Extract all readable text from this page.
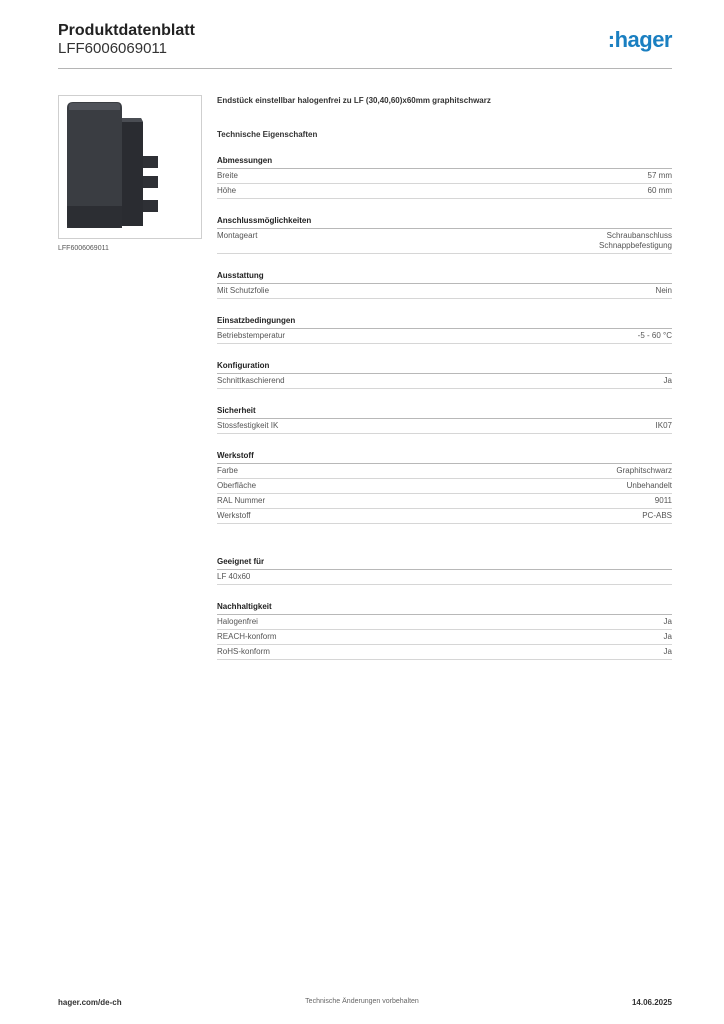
Produktdatenblatt
LFF6006069011	:hager
LFF6006069011
Endstück einstellbar halogenfrei zu LF (30,40,60)x60mm graphitschwarz
Technische Eigenschaften
Abmessungen
Breite	57 mm
Höhe	60 mm
Anschlussmöglichkeiten
Montageart	Schraubanschluss
Schnappbefestigung
Ausstattung
Mit Schutzfolie	Nein
Einsatzbedingungen
Betriebstemperatur	-5 - 60 °C
Konfiguration
Schnittkaschierend	Ja
Sicherheit
Stossfestigkeit IK	IK07
Werkstoff
Farbe	Graphitschwarz
Oberfläche	Unbehandelt
RAL Nummer	9011
Werkstoff	PC-ABS
Geeignet für
LF 40x60
Nachhaltigkeit
Halogenfrei	Ja
REACH-konform	Ja
RoHS-konform	Ja
hager.com/de-ch	Technische Änderungen vorbehalten	14.06.2025
